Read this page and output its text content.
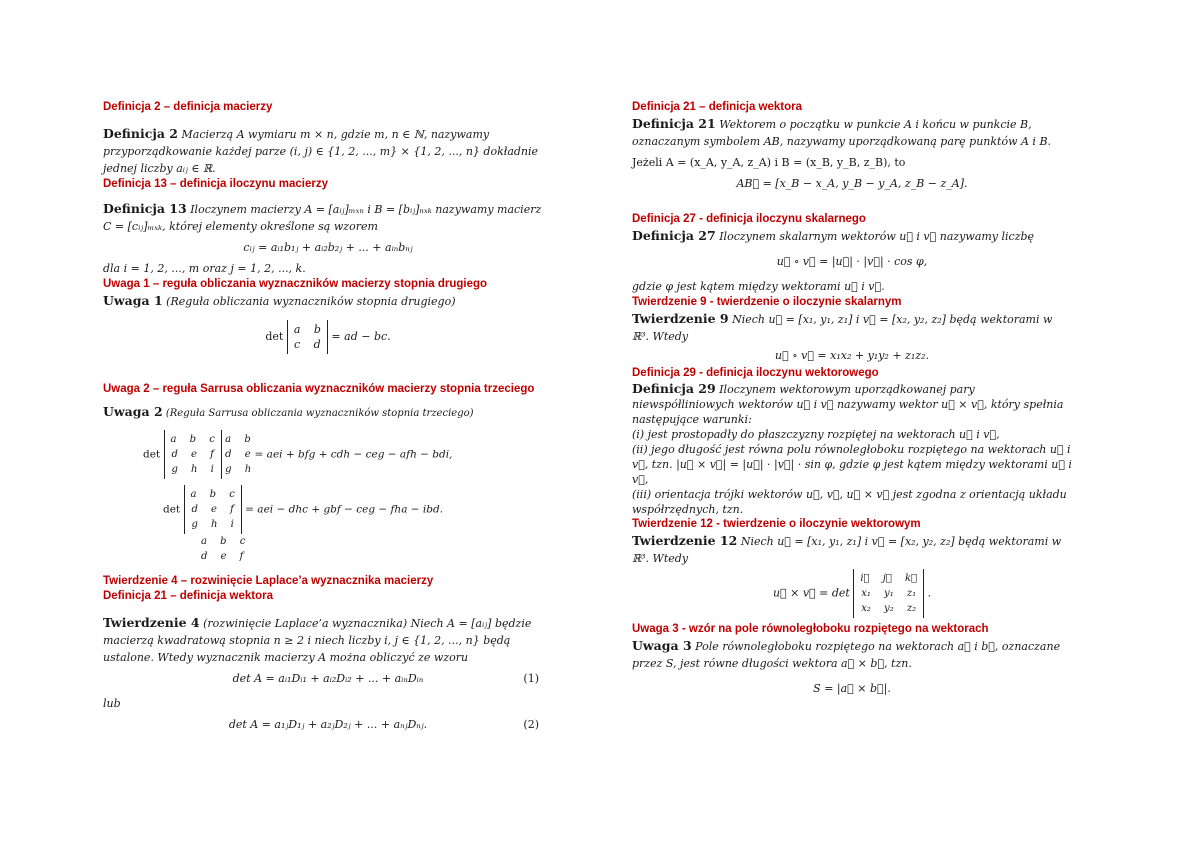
Definicja 2 – definicja macierzy

Definicja 2 Macierzą A wymiaru m × n, gdzie m, n ∈ ℕ, nazywamy przyporządkowanie każdej parze (i, j) ∈ {1, 2, ..., m} × {1, 2, ..., n} dokładnie jednej liczby aᵢⱼ ∈ ℝ.

Definicja 13 – definicja iloczynu macierzy

Definicja 13 Iloczynem macierzy A = [aᵢⱼ]ₘₓₙ i B = [bᵢⱼ]ₙₓₖ nazywamy macierz C = [cᵢⱼ]ₘₓₖ, której elementy określone są wzorem

cᵢⱼ = aᵢ₁b₁ⱼ + aᵢ₂b₂ⱼ + ... + aᵢₙbₙⱼ

dla i = 1, 2, ..., m oraz j = 1, 2, ..., k.

Uwaga 1 – reguła obliczania wyznaczników macierzy stopnia drugiego

Uwaga 1 (Reguła obliczania wyznaczników stopnia drugiego)

det
a b
c d
= ad − bc.

Uwaga 2 – reguła Sarrusa obliczania wyznaczników macierzy stopnia trzeciego

Uwaga 2 (Reguła Sarrusa obliczania wyznaczników stopnia trzeciego)

det
a b c
d e f
g h i

a b
d e
g h
= aei + bfg + cdh − ceg − afh − bdi,
det
a b c
d e f
g h i
= aei − dhc + gbf − ceg − fha − ibd.
a b c
d e f

Twierdzenie 4 – rozwinięcie Laplace’a wyznacznika macierzy

Definicja 21 – definicja wektora

Twierdzenie 4 (rozwinięcie Laplace’a wyznacznika) Niech A = [aᵢⱼ] będzie macierzą kwadratową stopnia n ≥ 2 i niech liczby i, j ∈ {1, 2, ..., n} będą ustalone. Wtedy wyznacznik macierzy A można obliczyć ze wzoru

det A = aᵢ₁Dᵢ₁ + aᵢ₂Dᵢ₂ + ... + aᵢₙDᵢₙ	(1)

lub

det A = a₁ⱼD₁ⱼ + a₂ⱼD₂ⱼ + ... + aₙⱼDₙⱼ.	(2)

Definicja 21 – definicja wektora

Definicja 21 Wektorem o początku w punkcie A i końcu w punkcie B, oznaczanym symbolem AB, nazywamy uporządkowaną parę punktów A i B.

Jeżeli A = (x_A, y_A, z_A) i B = (x_B, y_B, z_B), to

AB⃗ = [x_B − x_A, y_B − y_A, z_B − z_A].

Definicja 27 - definicja iloczynu skalarnego

Definicja 27 Iloczynem skalarnym wektorów u⃗ i v⃗ nazywamy liczbę

u⃗ ∘ v⃗ = |u⃗| · |v⃗| · cos φ,

gdzie φ jest kątem między wektorami u⃗ i v⃗.

Twierdzenie 9 - twierdzenie o iloczynie skalarnym

Twierdzenie 9 Niech u⃗ = [x₁, y₁, z₁] i v⃗ = [x₂, y₂, z₂] będą wektorami w ℝ³. Wtedy

u⃗ ∘ v⃗ = x₁x₂ + y₁y₂ + z₁z₂.

Definicja 29 - definicja iloczynu wektorowego

Definicja 29 Iloczynem wektorowym uporządkowanej pary niewspółliniowych wektorów u⃗ i v⃗ nazywamy wektor u⃗ × v⃗, który spełnia następujące warunki:

(i) jest prostopadły do płaszczyzny rozpiętej na wektorach u⃗ i v⃗,

(ii) jego długość jest równa polu równoległoboku rozpiętego na wektorach u⃗ i v⃗, tzn. |u⃗ × v⃗| = |u⃗| · |v⃗| · sin φ, gdzie φ jest kątem między wektorami u⃗ i v⃗,

(iii) orientacja trójki wektorów u⃗, v⃗, u⃗ × v⃗ jest zgodna z orientacją układu współrzędnych, tzn.

Twierdzenie 12 - twierdzenie o iloczynie wektorowym

Twierdzenie 12 Niech u⃗ = [x₁, y₁, z₁] i v⃗ = [x₂, y₂, z₂] będą wektorami w ℝ³. Wtedy

u⃗ × v⃗ = det
i⃗ j⃗ k⃗
x₁ y₁ z₁
x₂ y₂ z₂
.

Uwaga 3 - wzór na pole równoległoboku rozpiętego na wektorach

Uwaga 3 Pole równoległoboku rozpiętego na wektorach a⃗ i b⃗, oznaczane przez S, jest równe długości wektora a⃗ × b⃗, tzn.

S = |a⃗ × b⃗|.
